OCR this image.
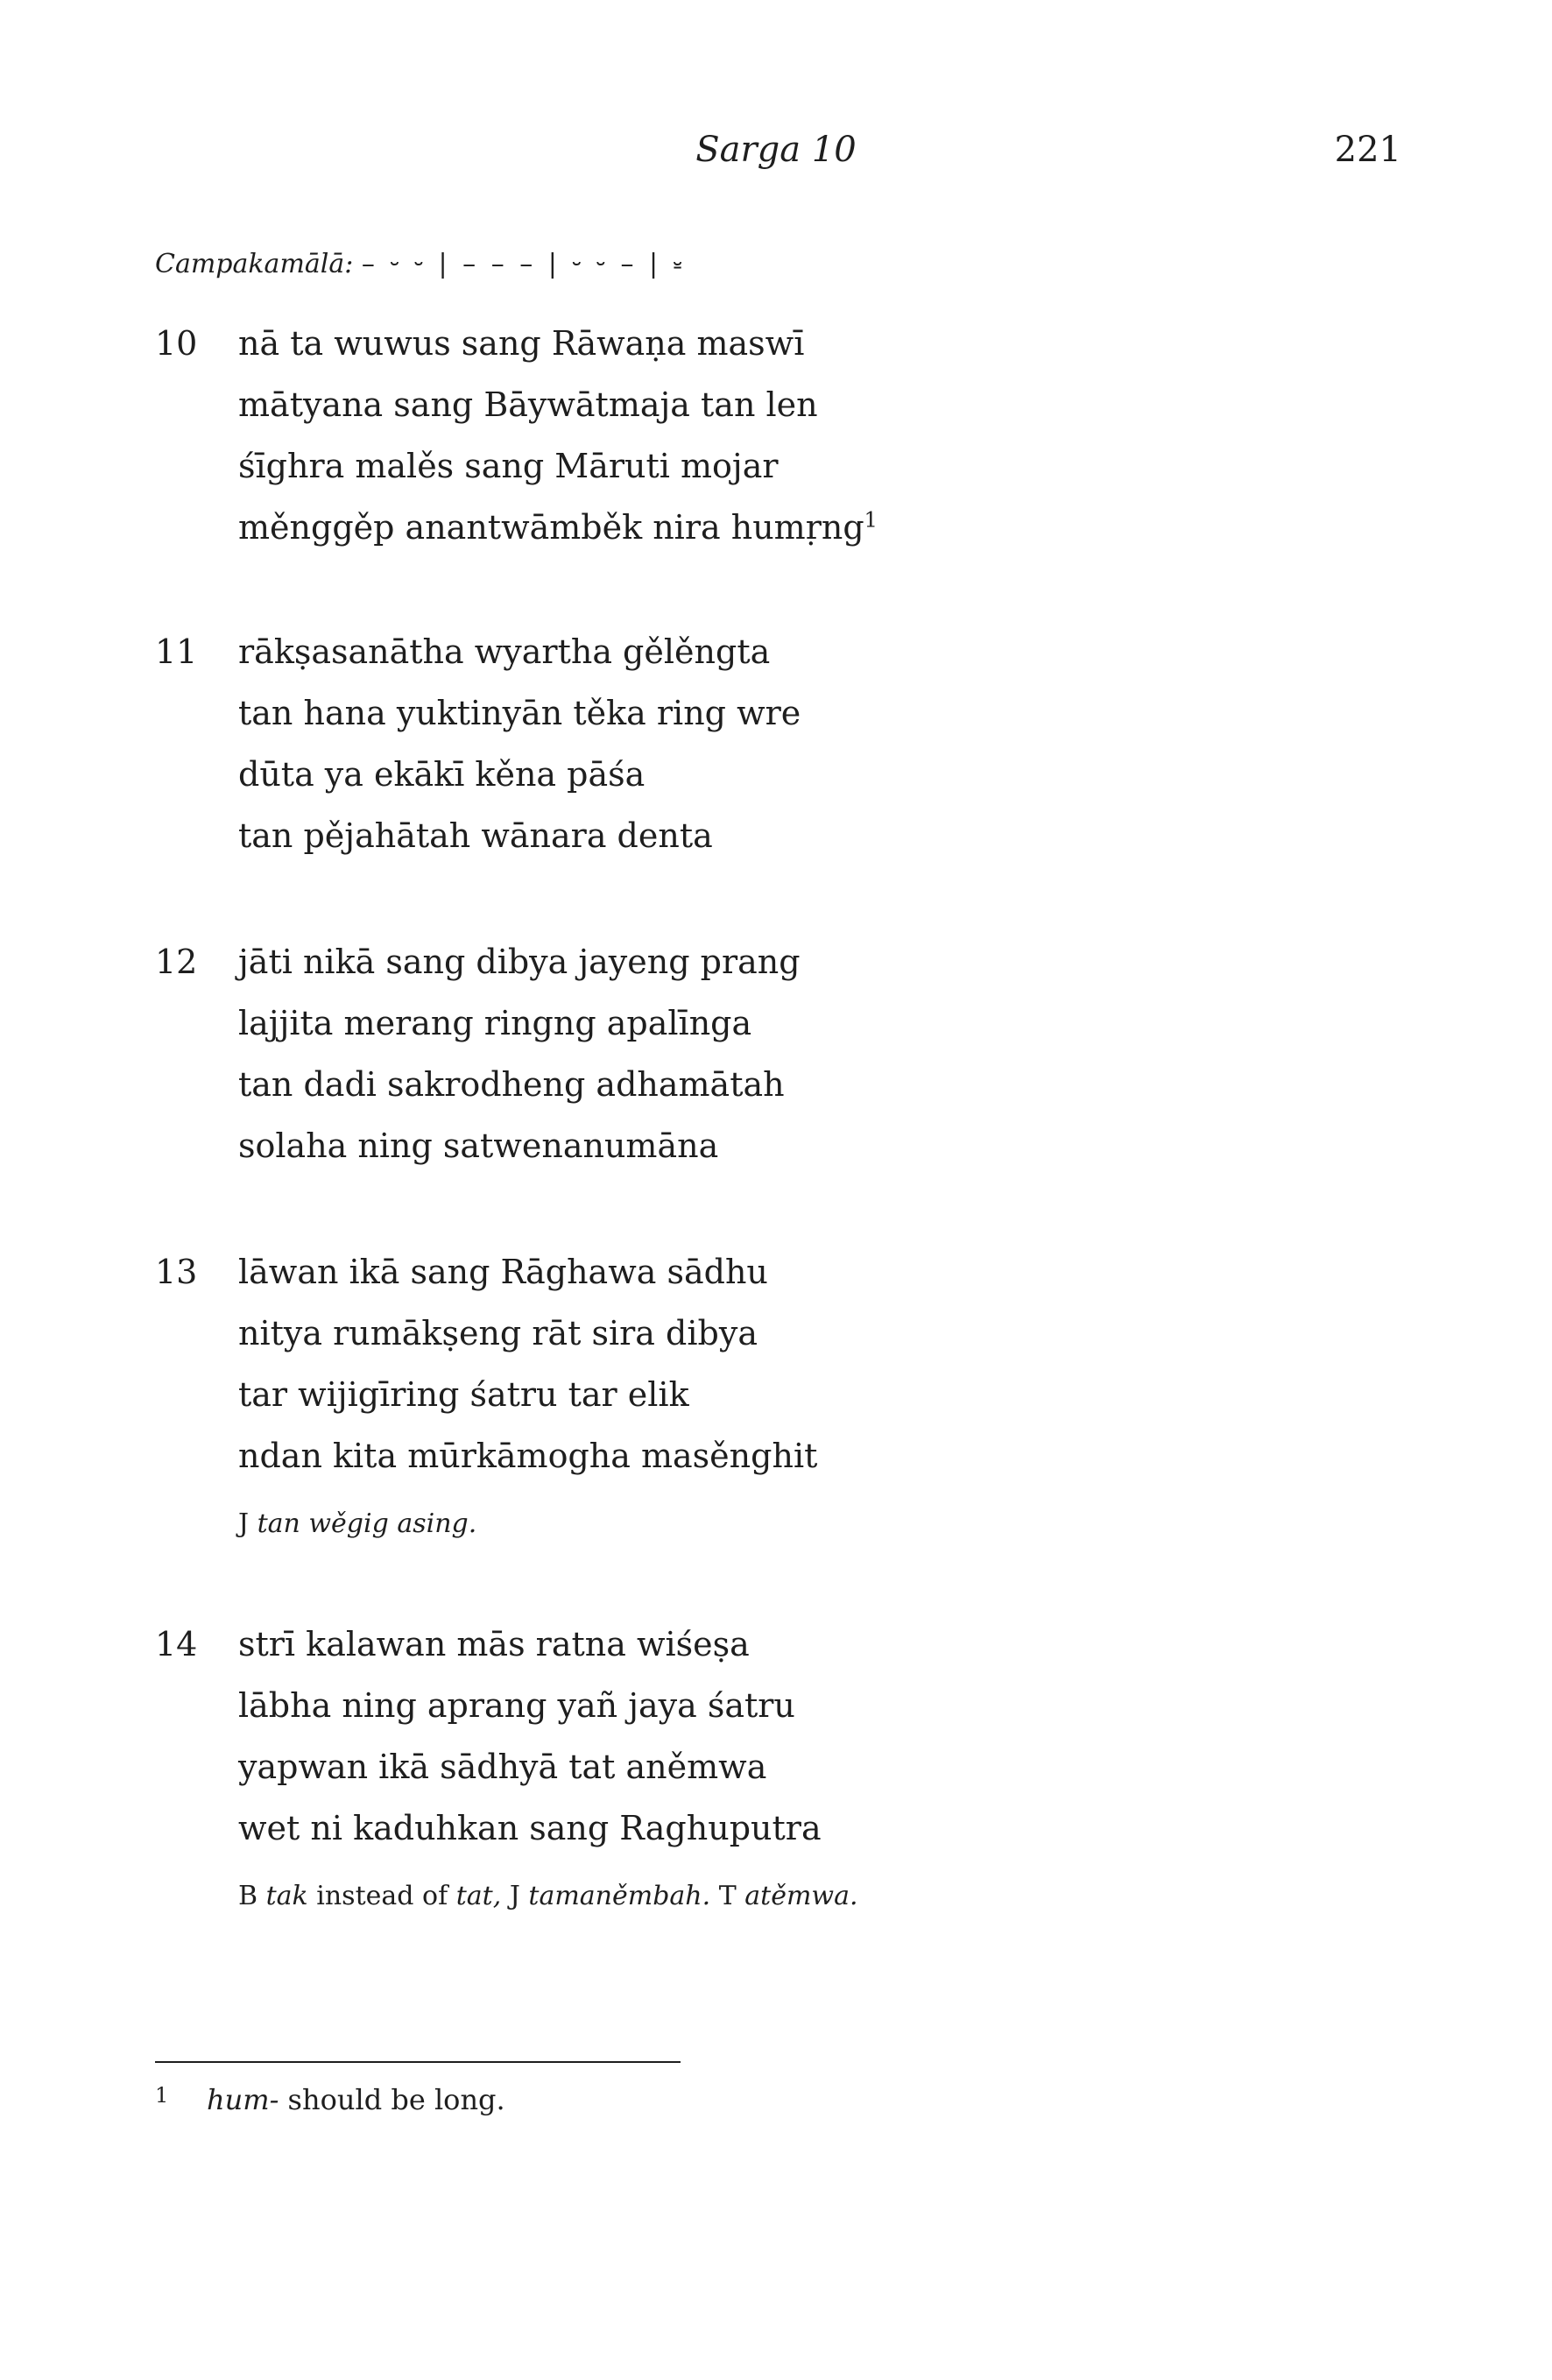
Sarga 10	221
Campakamālā: – ⏑ ⏑ | – – – | ⏑ ⏑ – | ⏓
10 nā ta wuwus sang Rāwaṇa maswī
mātyana sang Bāywātmaja tan len
śīghra malěs sang Māruti mojar
měnggěp anantwāmběk nira humṛng$^1$
11 rākṣasanātha wyartha gělěngta
tan hana yuktinyān těka ring wre
dūta ya ekākī kěna pāśa
tan pějahātah wānara denta
12 jāti nikā sang dibya jayeng prang
lajjita merang ringng apalīnga
tan dadi sakrodheng adhamātah
solaha ning satwenanumāna
13 lāwan ikā sang Rāghawa sādhu
nitya rumākṣeng rāt sira dibya
tar wijigīring śatru tar elik
ndan kita mūrkāmogha masěnghit
J tan wěgig asing.
14 strī kalawan mās ratna wiśeṣa
lābha ning aprang yañ jaya śatru
yapwan ikā sādhyā tat aněmwa
wet ni kaduhkan sang Raghuputra
B tak instead of tat, J tamaněmbah. T atěmwa.
1 hum- should be long.
